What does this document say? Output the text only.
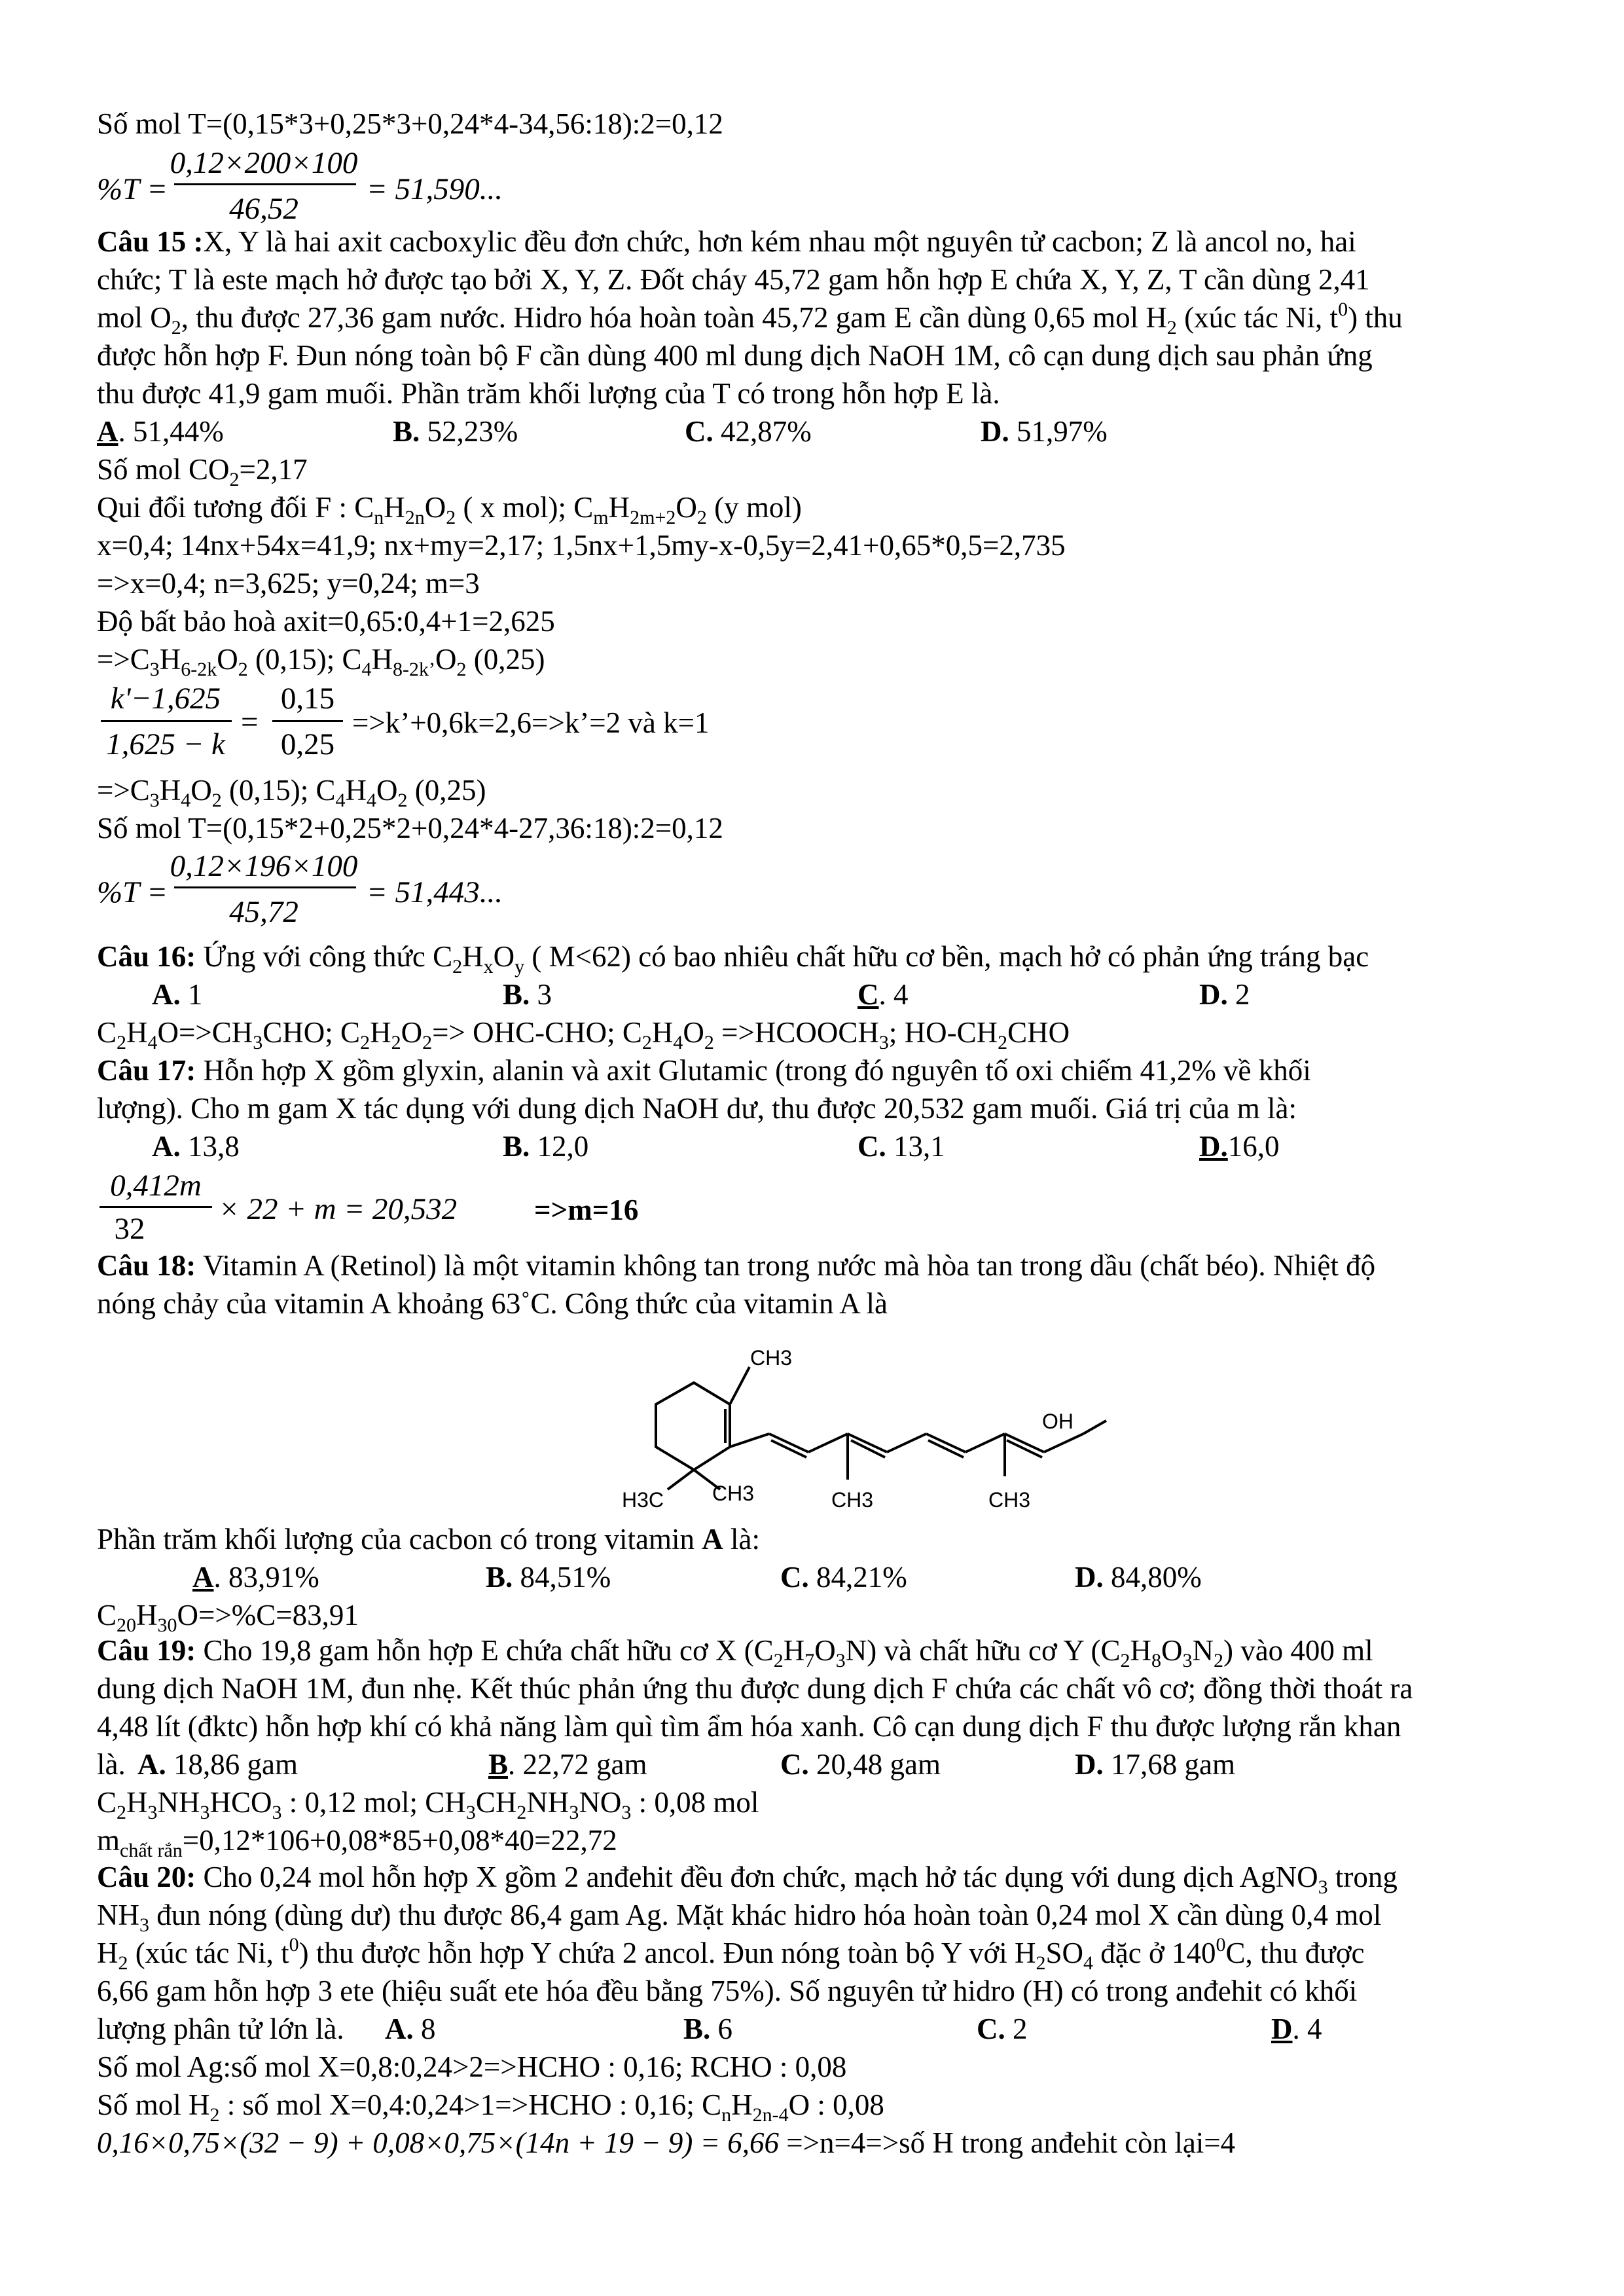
Số mol T=(0,15*3+0,25*3+0,24*4-34,56:18):2=0,12
%T =
0,12×200×100
46,52
= 51,590...
Câu 15 :X, Y là hai axit cacboxylic đều đơn chức, hơn kém nhau một nguyên tử cacbon; Z là ancol no, hai
chức; T là este mạch hở được tạo bởi X, Y, Z. Đốt cháy 45,72 gam hỗn hợp E chứa X, Y, Z, T cần dùng 2,41
mol $O_2$, thu được 27,36 gam nước. Hidro hóa hoàn toàn 45,72 gam E cần dùng 0,65 mol $H_2$ (xúc tác Ni, $t^0$) thu
được hỗn hợp F. Đun nóng toàn bộ F cần dùng 400 ml dung dịch NaOH 1M, cô cạn dung dịch sau phản ứng
thu được 41,9 gam muối. Phần trăm khối lượng của T có trong hỗn hợp E là.
A. 51,44%	B. 52,23%	C. 42,87%	D. 51,97%
Số mol $CO_2=2,17$
Qui đổi tương đối F : $C_nH_{2n}O_2$ ( x mol); $C_mH_{2m+2}O_2$ (y mol)
x=0,4; 14nx+54x=41,9; nx+my=2,17; 1,5nx+1,5my-x-0,5y=2,41+0,65*0,5=2,735
=>x=0,4; n=3,625; y=0,24; m=3
Độ bất bảo hoà axit=0,65:0,4+1=2,625
$=>C_3H_{6-2k}O_2$ (0,15); $C_4H_{8-2k’}O_2$ (0,25)
k'−1,625
1,625 − k
=
0,15
0,25
=>k’+0,6k=2,6=>k’=2 và k=1
$=>C_3H_4O_2$ (0,15); $C_4H_4O_2$ (0,25)
Số mol T=(0,15*2+0,25*2+0,24*4-27,36:18):2=0,12
%T =
0,12×196×100
45,72
= 51,443...
Câu 16: Ứng với công thức $C_2H_xO_y$ ( M<62) có bao nhiêu chất hữu cơ bền, mạch hở có phản ứng tráng bạc
A. 1	B. 3	C. 4	D. 2
$C_2H_4O=>CH_3CHO$; $C_2H_2O_2=> OHC-CHO$; $C_2H_4O_2$ $=>HCOOCH_3$; $HO-CH_2CHO$
Câu 17: Hỗn hợp X gồm glyxin, alanin và axit Glutamic (trong đó nguyên tố oxi chiếm 41,2% về khối
lượng). Cho m gam X tác dụng với dung dịch NaOH dư, thu được 20,532 gam muối. Giá trị của m là:
A. 13,8	B. 12,0	C. 13,1	D.16,0
0,412m
32
× 22 + m = 20,532	=>m=16
Câu 18: Vitamin A (Retinol) là một vitamin không tan trong nước mà hòa tan trong dầu (chất béo). Nhiệt độ
nóng chảy của vitamin A khoảng 63˚C. Công thức của vitamin A là
CH3
OH
H3C CH3	CH3	CH3
Phần trăm khối lượng của cacbon có trong vitamin A là:
A. 83,91%	B. 84,51%	C. 84,21%	D. 84,80%
$C_{20}H_{30}O=>\%C=83,91$
Câu 19: Cho 19,8 gam hỗn hợp E chứa chất hữu cơ X $(C_2H_7O_3N)$ và chất hữu cơ Y $(C_2H_8O_3N_2)$ vào 400 ml
dung dịch NaOH 1M, đun nhẹ. Kết thúc phản ứng thu được dung dịch F chứa các chất vô cơ; đồng thời thoát ra
4,48 lít (đktc) hỗn hợp khí có khả năng làm quì tìm ẩm hóa xanh. Cô cạn dung dịch F thu được lượng rắn khan
là. A. 18,86 gam	B. 22,72 gam	C. 20,48 gam	D. 17,68 gam
$C_2H_3NH_3HCO_3$ : 0,12 mol; $CH_3CH_2NH_3NO_3$ : 0,08 mol
$m_{chất rắn}=0,12*106+0,08*85+0,08*40=22,72$
Câu 20: Cho 0,24 mol hỗn hợp X gồm 2 anđehit đều đơn chức, mạch hở tác dụng với dung dịch AgNO$_3$ trong
$NH_3$ đun nóng (dùng dư) thu được 86,4 gam Ag. Mặt khác hidro hóa hoàn toàn 0,24 mol X cần dùng 0,4 mol
$H_2$ (xúc tác Ni, $t^0$) thu được hỗn hợp Y chứa 2 ancol. Đun nóng toàn bộ Y với $H_2SO_4$ đặc ở $140^0C$, thu được
6,66 gam hỗn hợp 3 ete (hiệu suất ete hóa đều bằng 75%). Số nguyên tử hidro (H) có trong anđehit có khối
lượng phân tử lớn là. A. 8	B. 6	C. 2	D. 4
Số mol Ag:số mol X=0,8:0,24>2=>HCHO : 0,16; RCHO : 0,08
Số mol $H_2$ : số mol X=0,4:0,24>1=>HCHO : 0,16; $C_nH_{2n-4}O$ : 0,08
0,16×0,75×(32 − 9) + 0,08×0,75×(14n + 19 − 9) = 6,66 =>n=4=>số H trong anđehit còn lại=4
